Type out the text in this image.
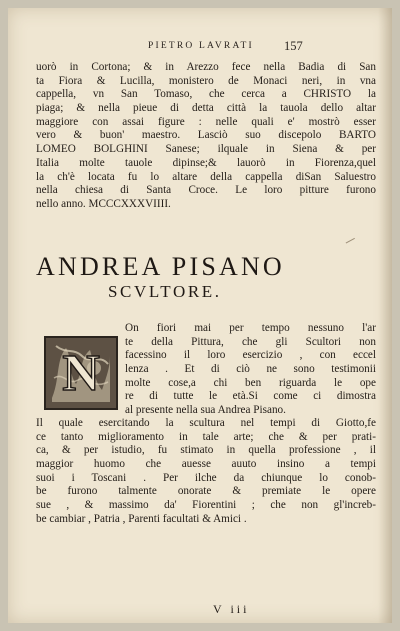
PIETRO LAVRATI 157
uorò in Cortona; & in Arezzo fece nella Badia di San
ta Fiora & Lucilla, monistero de Monaci neri, in vna
cappella, vn San Tomaso, che cerca a CHRISTO la
piaga; & nella pieue di detta città la tauola dello altar
maggiore con assai figure : nelle quali e' mostrò esser
vero & buon' maestro. Lasciò suo discepolo BARTO
LOMEO BOLGHINI Sanese; ilquale in Siena & per
Italia molte tauole dipinse;& lauorò in Fiorenza,quel
la ch'è locata fu lo altare della cappella diSan Saluestro
nella chiesa di Santa Croce. Le loro pitture furono
nello anno. MCCCXXXVIIII.
ANDREA PISANO
SCVLTORE.
N
On fiori mai per tempo nessuno l'ar
te della Pittura, che gli Scultori non
facessino il loro esercizio , con eccel
lenza . Et di ciò ne sono testimonii
molte cose,a chi ben riguarda le ope
re di tutte le età.Si come ci dimostra
al presente nella sua Andrea Pisano.
Il quale esercitando la scultura nel tempi di Giotto,fe
ce tanto miglioramento in tale arte; che & per prati-
ca, & per istudio, fu stimato in quella professione , il
maggior huomo che auesse auuto insino a tempi
suoi i Toscani . Per ilche da chiunque lo conob-
be furono talmente onorate & premiate le opere
sue , & massimo da' Fiorentini ; che non gl'increb-
be cambiar , Patria , Parenti facultati & Amici .
V iii
